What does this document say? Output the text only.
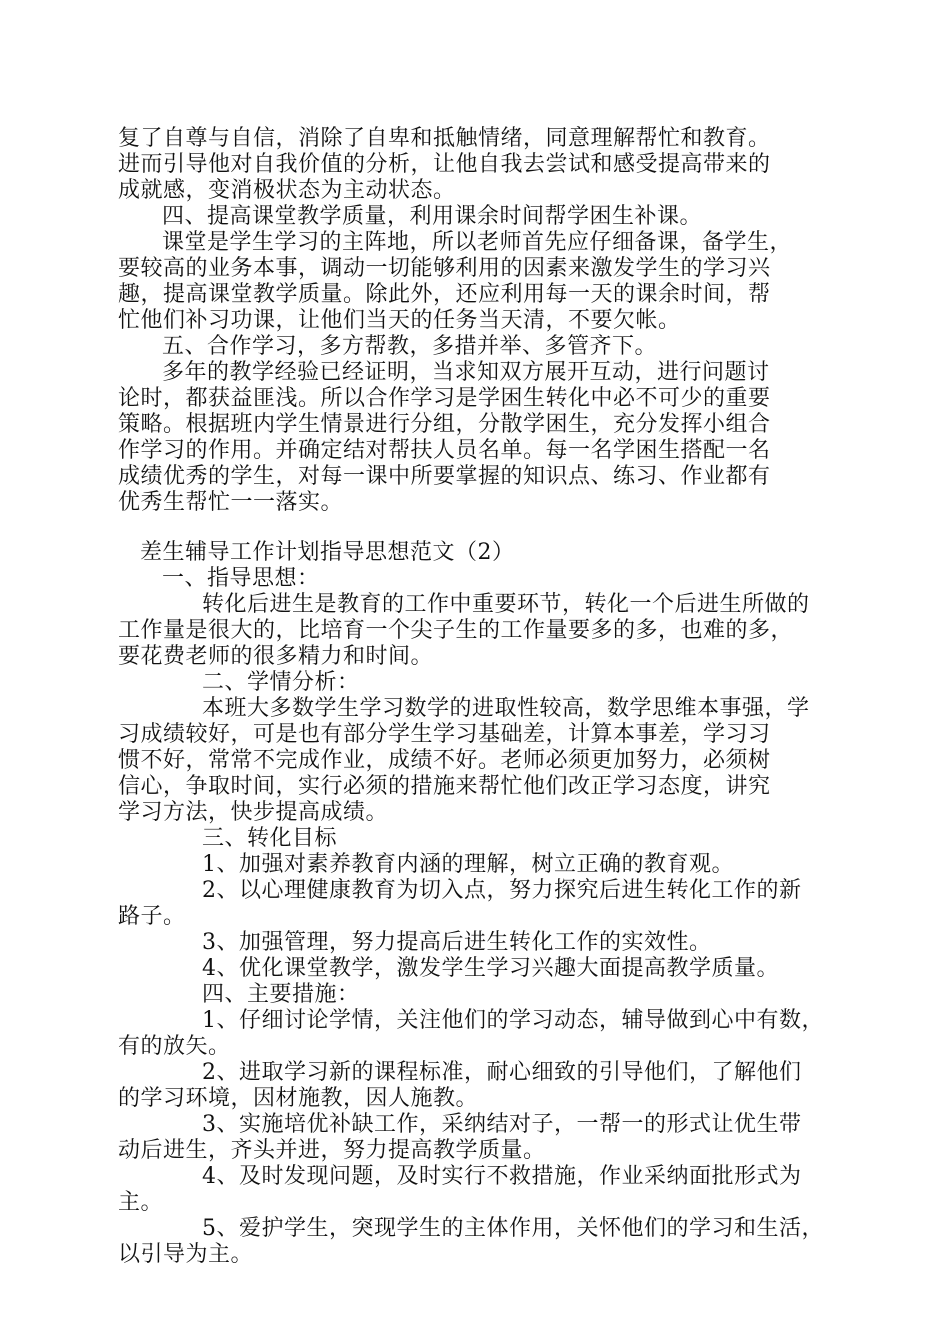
复了自尊与自信，消除了自卑和抵触情绪，同意理解帮忙和教育。
进而引导他对自我价值的分析，让他自我去尝试和感受提高带来的
成就感，变消极状态为主动状态。
四、提高课堂教学质量，利用课余时间帮学困生补课。
课堂是学生学习的主阵地，所以老师首先应仔细备课，备学生，
要较高的业务本事，调动一切能够利用的因素来激发学生的学习兴
趣，提高课堂教学质量。除此外，还应利用每一天的课余时间，帮
忙他们补习功课，让他们当天的任务当天清，不要欠帐。
五、合作学习，多方帮教，多措并举、多管齐下。
多年的教学经验已经证明，当求知双方展开互动，进行问题讨
论时，都获益匪浅。所以合作学习是学困生转化中必不可少的重要
策略。根据班内学生情景进行分组，分散学困生，充分发挥小组合
作学习的作用。并确定结对帮扶人员名单。每一名学困生搭配一名
成绩优秀的学生，对每一课中所要掌握的知识点、练习、作业都有
优秀生帮忙一一落实。
差生辅导工作计划指导思想范文（2）
一、指导思想：
转化后进生是教育的工作中重要环节，转化一个后进生所做的
工作量是很大的，比培育一个尖子生的工作量要多的多，也难的多，
要花费老师的很多精力和时间。
二、学情分析：
本班大多数学生学习数学的进取性较高，数学思维本事强，学
习成绩较好，可是也有部分学生学习基础差，计算本事差，学习习
惯不好，常常不完成作业，成绩不好。老师必须更加努力，必须树
信心，争取时间，实行必须的措施来帮忙他们改正学习态度，讲究
学习方法，快步提高成绩。
三、转化目标
1、加强对素养教育内涵的理解，树立正确的教育观。
2、以心理健康教育为切入点，努力探究后进生转化工作的新
路子。
3、加强管理，努力提高后进生转化工作的实效性。
4、优化课堂教学，激发学生学习兴趣大面提高教学质量。
四、主要措施：
1、仔细讨论学情，关注他们的学习动态，辅导做到心中有数，
有的放矢。
2、进取学习新的课程标准，耐心细致的引导他们，了解他们
的学习环境，因材施教，因人施教。
3、实施培优补缺工作，采纳结对子，一帮一的形式让优生带
动后进生，齐头并进，努力提高教学质量。
4、及时发现问题，及时实行不救措施，作业采纳面批形式为
主。
5、爱护学生，突现学生的主体作用，关怀他们的学习和生活，
以引导为主。
